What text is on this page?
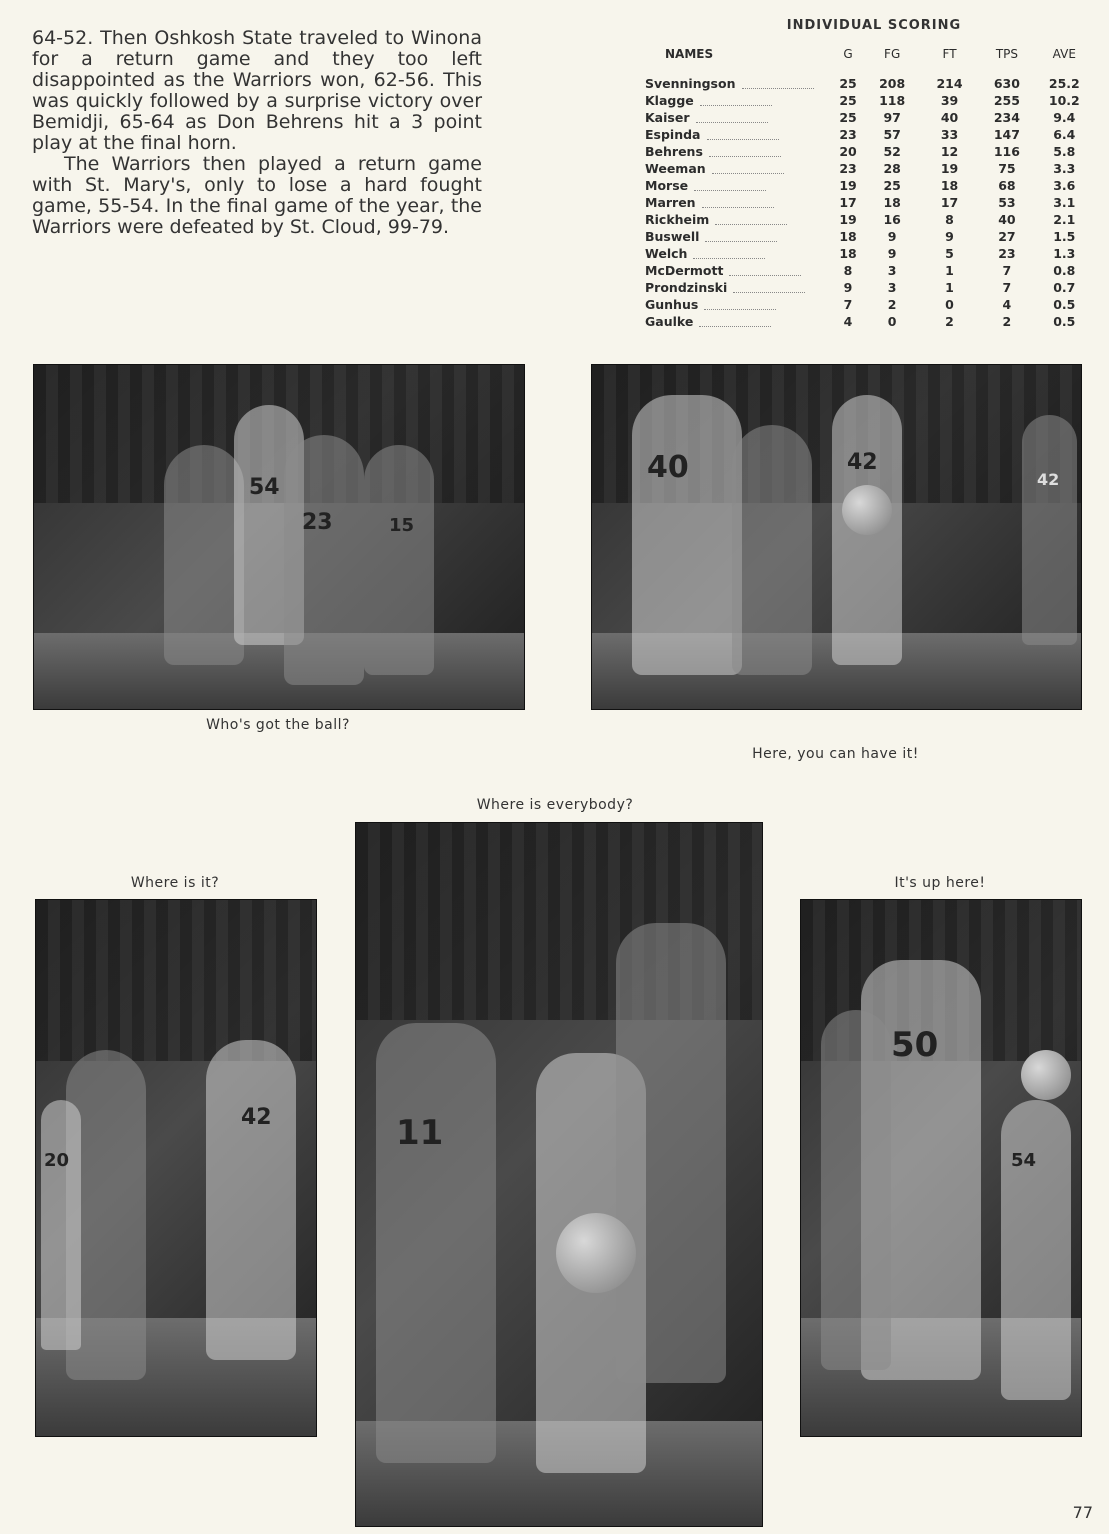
64-52. Then Oshkosh State traveled to Winona for a return game and they too left disappointed as the Warriors won, 62-56. This was quickly followed by a surprise victory over Bemidji, 65-64 as Don Behrens hit a 3 point play at the final horn.

The Warriors then played a return game with St. Mary's, only to lose a hard fought game, 55-54. In the final game of the year, the Warriors were defeated by St. Cloud, 99-79.

INDIVIDUAL SCORING
NAMES	G	FG	FT	TPS	AVE
Svenningson	25	208	214	630	25.2
Klagge	25	118	39	255	10.2
Kaiser	25	97	40	234	9.4
Espinda	23	57	33	147	6.4
Behrens	20	52	12	116	5.8
Weeman	23	28	19	75	3.3
Morse	19	25	18	68	3.6
Marren	17	18	17	53	3.1
Rickheim	19	16	8	40	2.1
Buswell	18	9	9	27	1.5
Welch	18	9	5	23	1.3
McDermott	8	3	1	7	0.8
Prondzinski	9	3	1	7	0.7
Gunhus	7	2	0	4	0.5
Gaulke	4	0	2	2	0.5
54
23	15
Who's got the ball?
40	42
42
Here, you can have it!
Where is everybody?
Where is it?
42
20
11
It's up here!
50
54
77
